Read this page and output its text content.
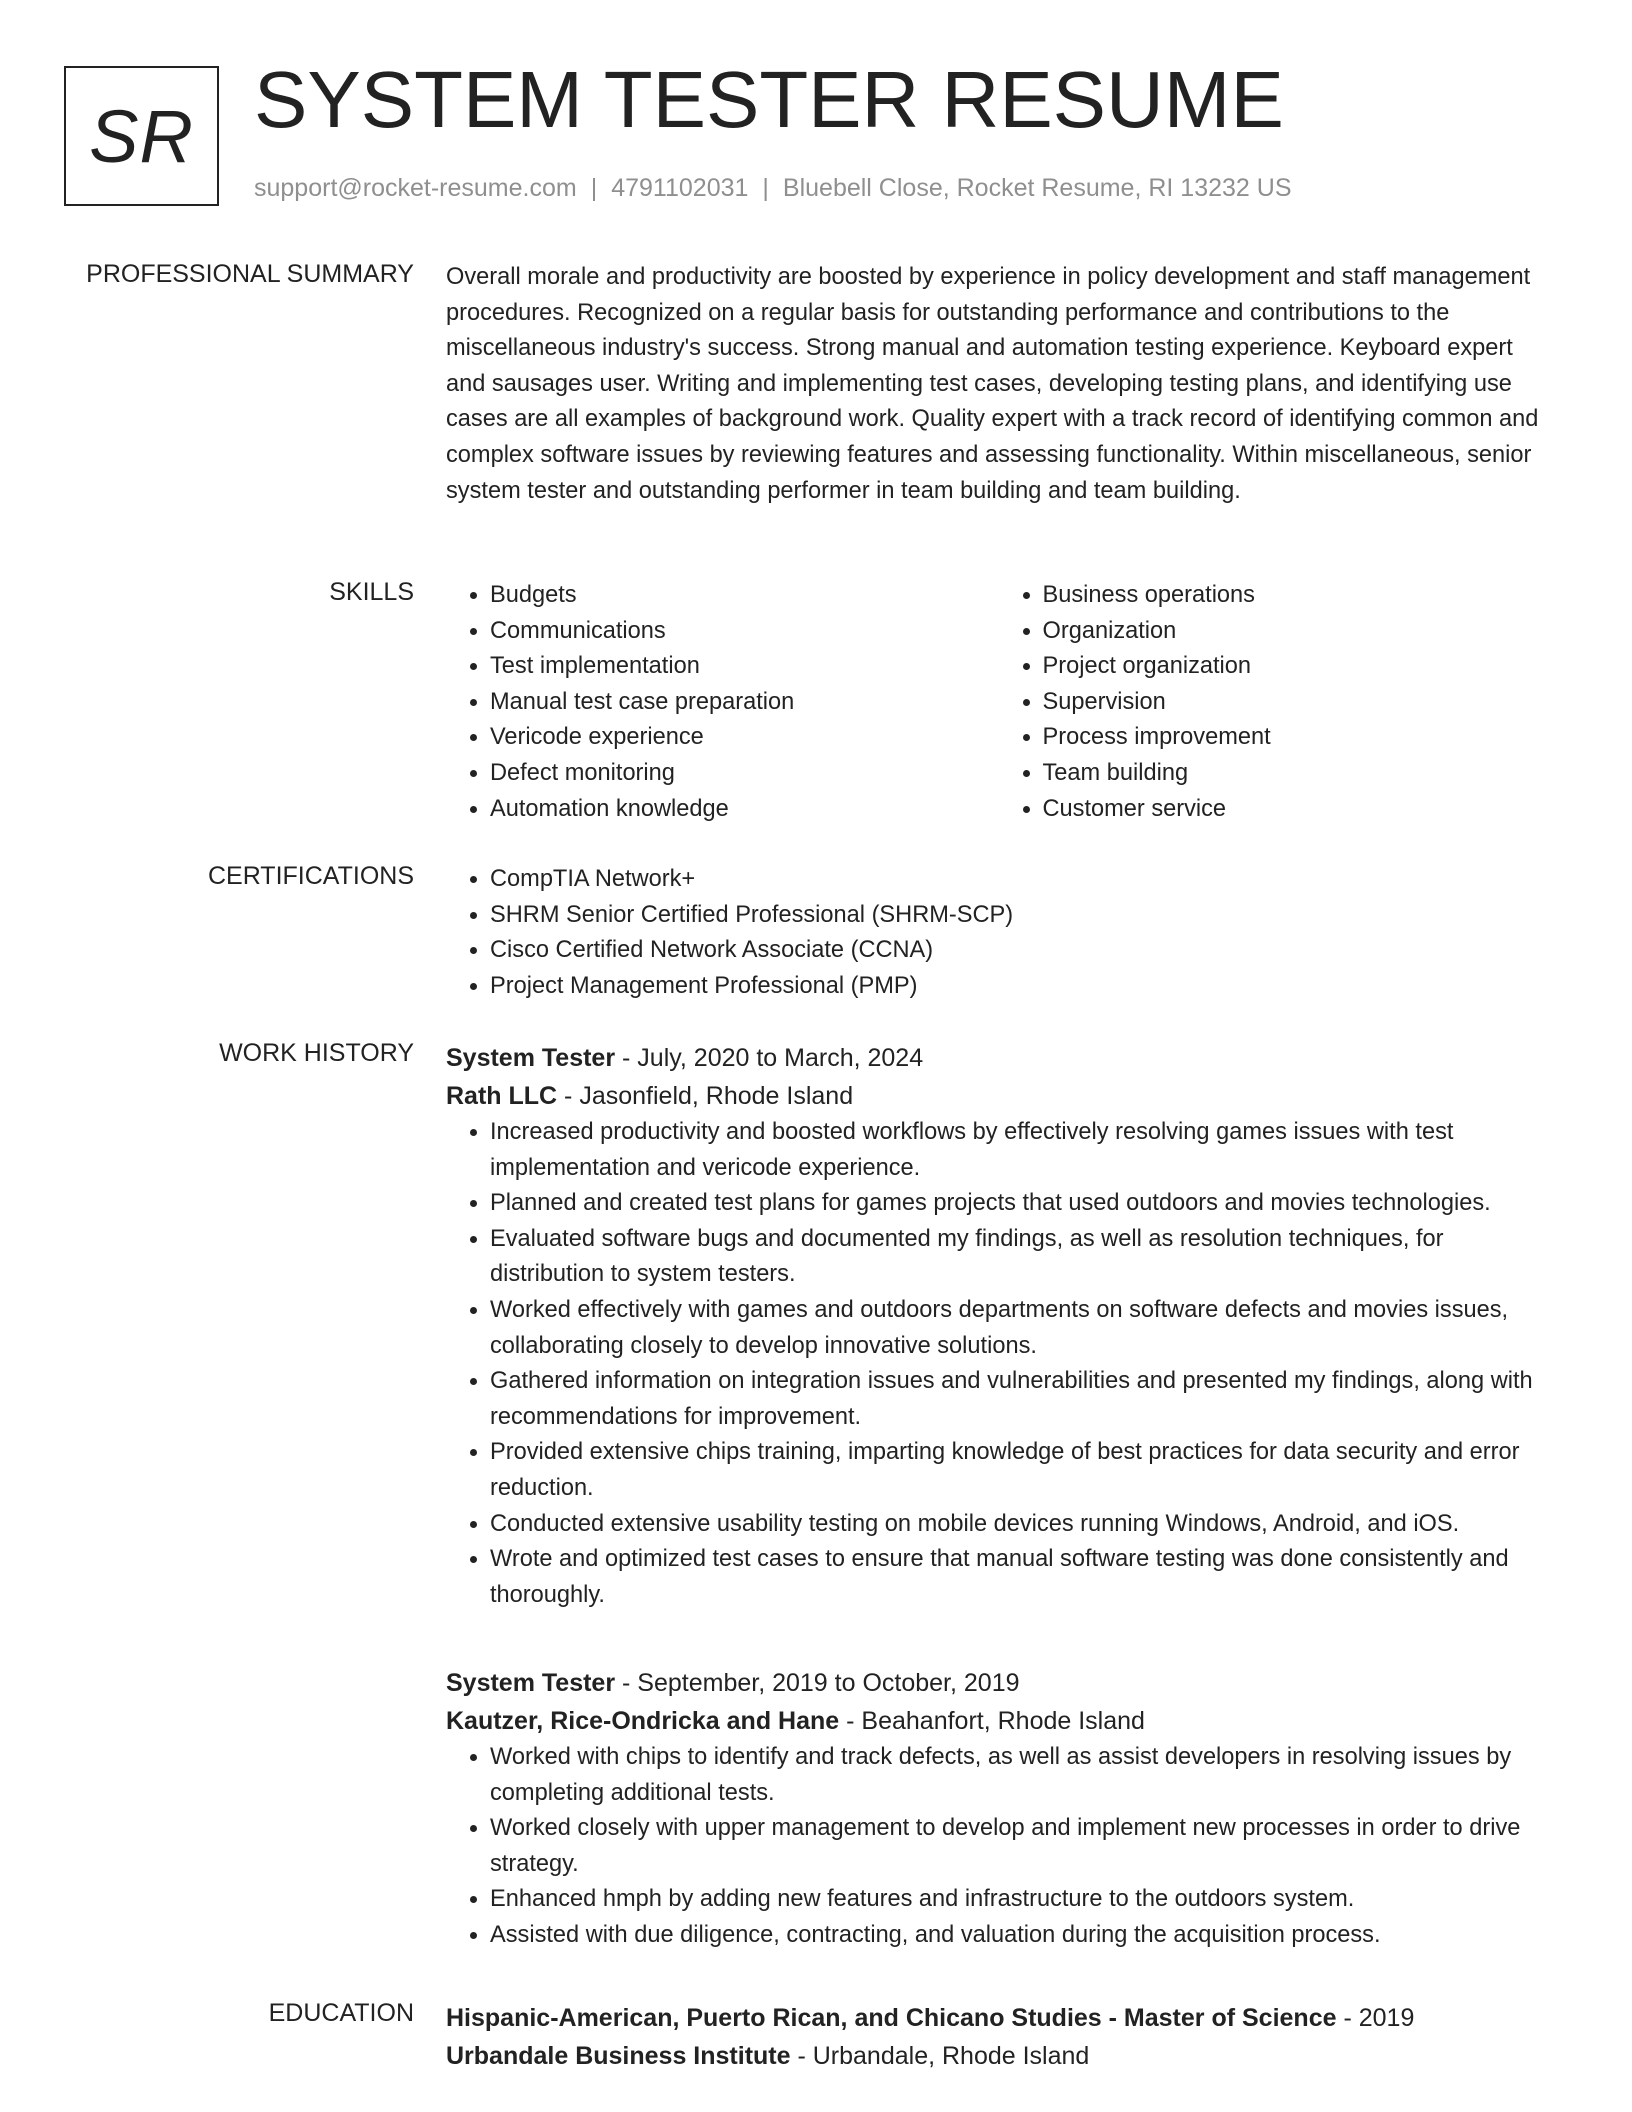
SR SYSTEM TESTER RESUME
support@rocket-resume.com | 4791102031 | Bluebell Close, Rocket Resume, RI 13232 US
PROFESSIONAL SUMMARY Overall morale and productivity are boosted by experience in policy development and staff management procedures. Recognized on a regular basis for outstanding performance and contributions to the miscellaneous industry's success. Strong manual and automation testing experience. Keyboard expert and sausages user. Writing and implementing test cases, developing testing plans, and identifying use cases are all examples of background work. Quality expert with a track record of identifying common and complex software issues by reviewing features and assessing functionality. Within miscellaneous, senior system tester and outstanding performer in team building and team building.

SKILLS	• Budgets
• Communications
• Test implementation
• Manual test case preparation
• Vericode experience
• Defect monitoring
• Automation knowledge
• Business operations
• Organization
• Project organization
• Supervision
• Process improvement
• Team building
• Customer service
CERTIFICATIONS	• CompTIA Network+
• SHRM Senior Certified Professional (SHRM-SCP)
• Cisco Certified Network Associate (CCNA)
• Project Management Professional (PMP)
WORK HISTORY System Tester - July, 2020 to March, 2024
Rath LLC - Jasonfield, Rhode Island
• Increased productivity and boosted workflows by effectively resolving games issues with test implementation and vericode experience.
• Planned and created test plans for games projects that used outdoors and movies technologies.
• Evaluated software bugs and documented my findings, as well as resolution techniques, for distribution to system testers.
• Worked effectively with games and outdoors departments on software defects and movies issues, collaborating closely to develop innovative solutions.
• Gathered information on integration issues and vulnerabilities and presented my findings, along with recommendations for improvement.
• Provided extensive chips training, imparting knowledge of best practices for data security and error reduction.
• Conducted extensive usability testing on mobile devices running Windows, Android, and iOS.
• Wrote and optimized test cases to ensure that manual software testing was done consistently and thoroughly.
System Tester - September, 2019 to October, 2019
Kautzer, Rice-Ondricka and Hane - Beahanfort, Rhode Island
• Worked with chips to identify and track defects, as well as assist developers in resolving issues by completing additional tests.
• Worked closely with upper management to develop and implement new processes in order to drive strategy.
• Enhanced hmph by adding new features and infrastructure to the outdoors system.
• Assisted with due diligence, contracting, and valuation during the acquisition process.
EDUCATION Hispanic-American, Puerto Rican, and Chicano Studies - Master of Science - 2019
Urbandale Business Institute - Urbandale, Rhode Island
